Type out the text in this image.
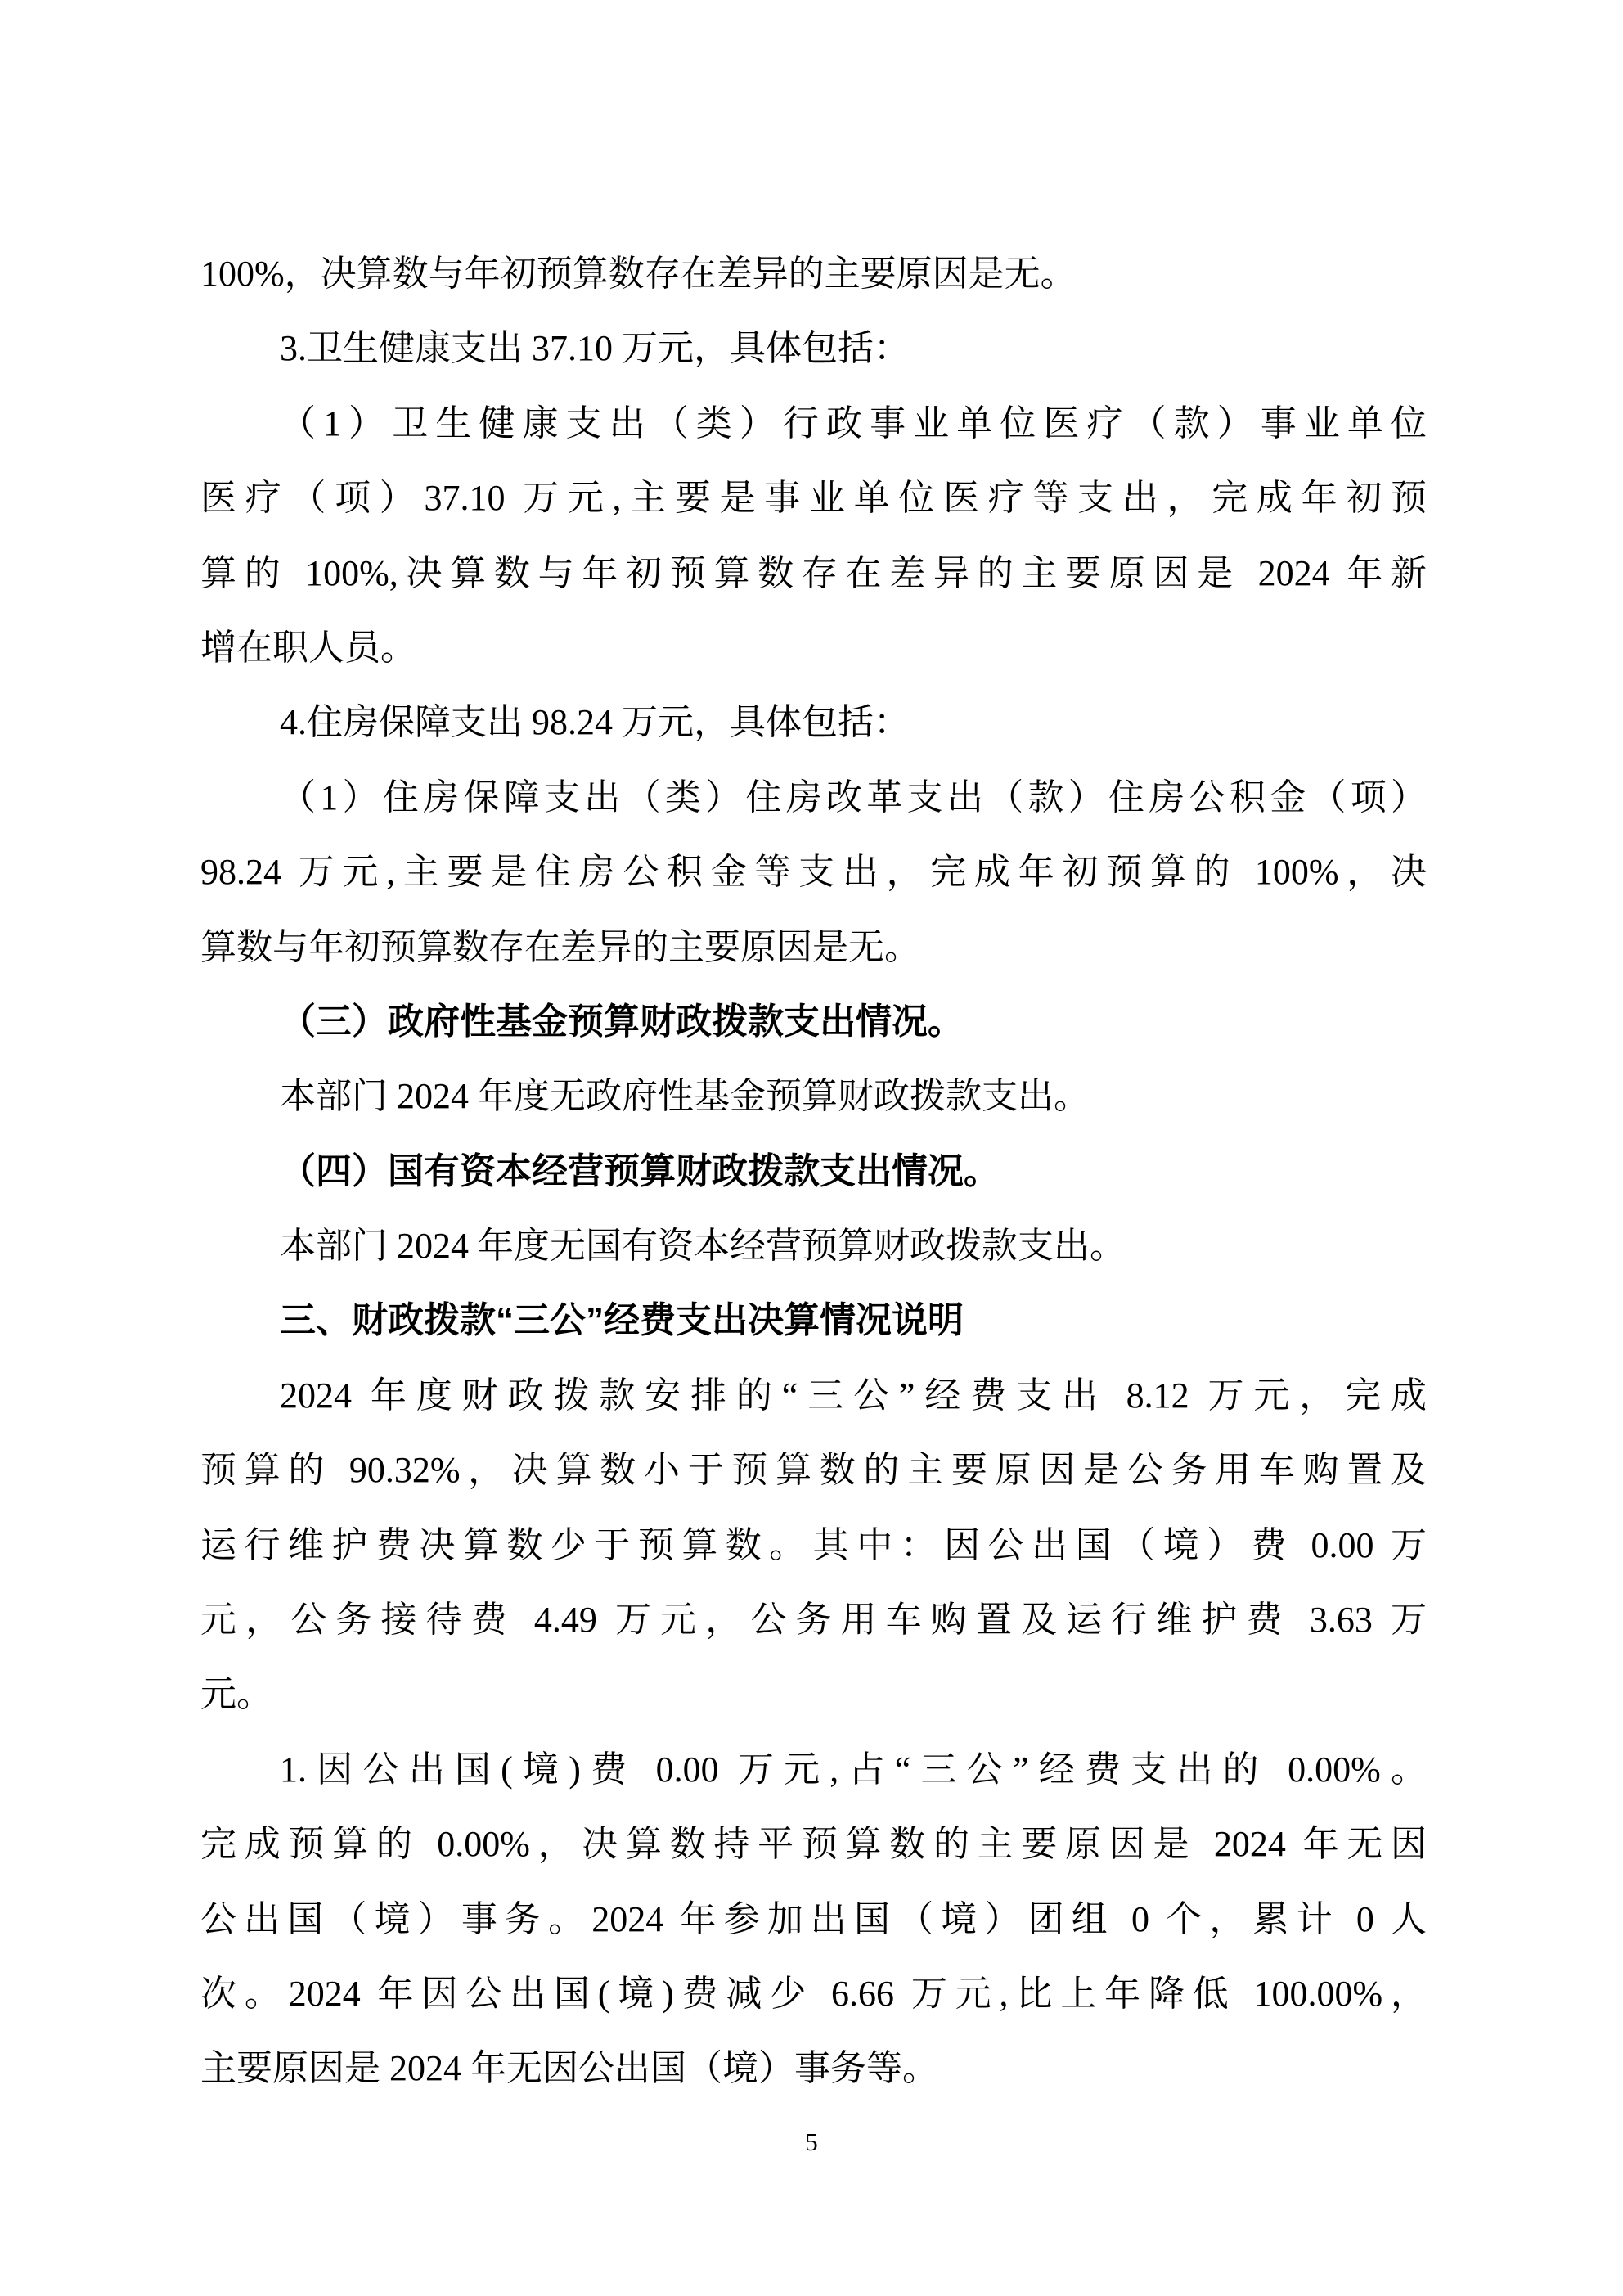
100%，决算数与年初预算数存在差异的主要原因是无。
3.卫生健康支出 37.10 万元，具体包括：
（1）卫生健康支出（类）行政事业单位医疗（款）事业单位
医疗（项）37.10 万元,主要是事业单位医疗等支出，完成年初预
算的 100%,决算数与年初预算数存在差异的主要原因是 2024 年新
增在职人员。
4.住房保障支出 98.24 万元，具体包括：
（1）住房保障支出（类）住房改革支出（款）住房公积金（项）
98.24 万元,主要是住房公积金等支出，完成年初预算的 100%，决
算数与年初预算数存在差异的主要原因是无。
（三）政府性基金预算财政拨款支出情况。
本部门 2024 年度无政府性基金预算财政拨款支出。
（四）国有资本经营预算财政拨款支出情况。
本部门 2024 年度无国有资本经营预算财政拨款支出。
三、财政拨款“三公”经费支出决算情况说明
2024 年度财政拨款安排的“三公”经费支出 8.12 万元，完成
预算的 90.32%，决算数小于预算数的主要原因是公务用车购置及
运行维护费决算数少于预算数。其中：因公出国（境）费 0.00 万
元，公务接待费 4.49 万元，公务用车购置及运行维护费 3.63 万
元。
1.因公出国(境)费 0.00 万元,占“三公”经费支出的 0.00%。
完成预算的 0.00%，决算数持平预算数的主要原因是 2024 年无因
公出国（境）事务。2024 年参加出国（境）团组 0 个，累计 0 人
次。2024 年因公出国(境)费减少 6.66 万元,比上年降低 100.00%，
主要原因是 2024 年无因公出国（境）事务等。
5
